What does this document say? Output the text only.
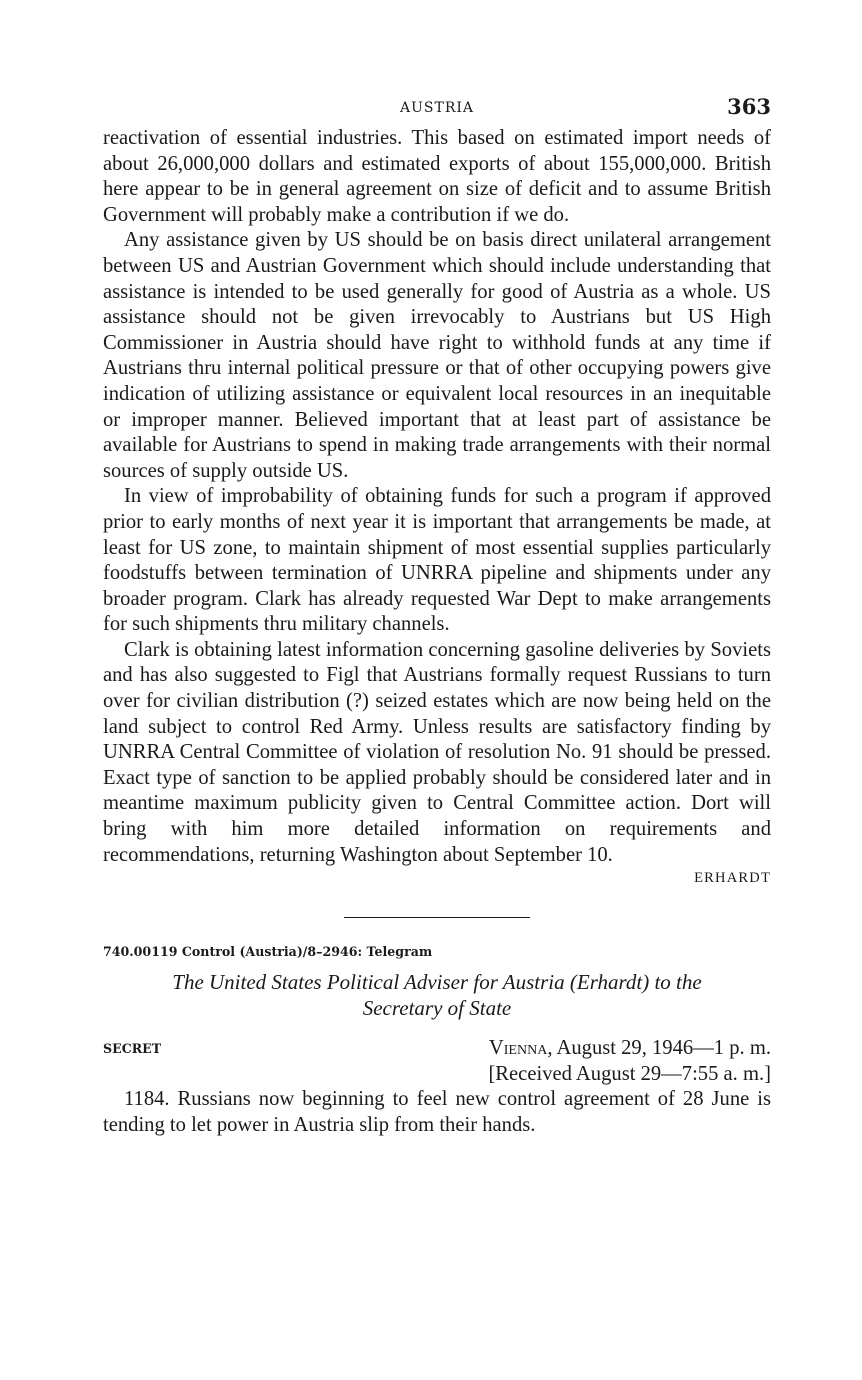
AUSTRIA	363

reactivation of essential industries. This based on estimated import needs of about 26,000,000 dollars and estimated exports of about 155,000,000. British here appear to be in general agreement on size of deficit and to assume British Government will probably make a contribution if we do.

Any assistance given by US should be on basis direct unilateral arrangement between US and Austrian Government which should include understanding that assistance is intended to be used generally for good of Austria as a whole. US assistance should not be given irrevocably to Austrians but US High Commissioner in Austria should have right to withhold funds at any time if Austrians thru internal political pressure or that of other occupying powers give indication of utilizing assistance or equivalent local resources in an inequitable or improper manner. Believed important that at least part of assistance be available for Austrians to spend in making trade arrangements with their normal sources of supply outside US.

In view of improbability of obtaining funds for such a program if approved prior to early months of next year it is important that arrangements be made, at least for US zone, to maintain shipment of most essential supplies particularly foodstuffs between termination of UNRRA pipeline and shipments under any broader program. Clark has already requested War Dept to make arrangements for such shipments thru military channels.

Clark is obtaining latest information concerning gasoline deliveries by Soviets and has also suggested to Figl that Austrians formally request Russians to turn over for civilian distribution (?) seized estates which are now being held on the land subject to control Red Army. Unless results are satisfactory finding by UNRRA Central Committee of violation of resolution No. 91 should be pressed. Exact type of sanction to be applied probably should be considered later and in meantime maximum publicity given to Central Committee action. Dort will bring with him more detailed information on requirements and recommendations, returning Washington about September 10.

ERHARDT

740.00119 Control (Austria)/8–2946: Telegram

The United States Political Adviser for Austria (Erhardt) to the
Secretary of State

SECRET	Vienna, August 29, 1946—1 p. m.
[Received August 29—7:55 a. m.]

1184. Russians now beginning to feel new control agreement of 28 June is tending to let power in Austria slip from their hands.
